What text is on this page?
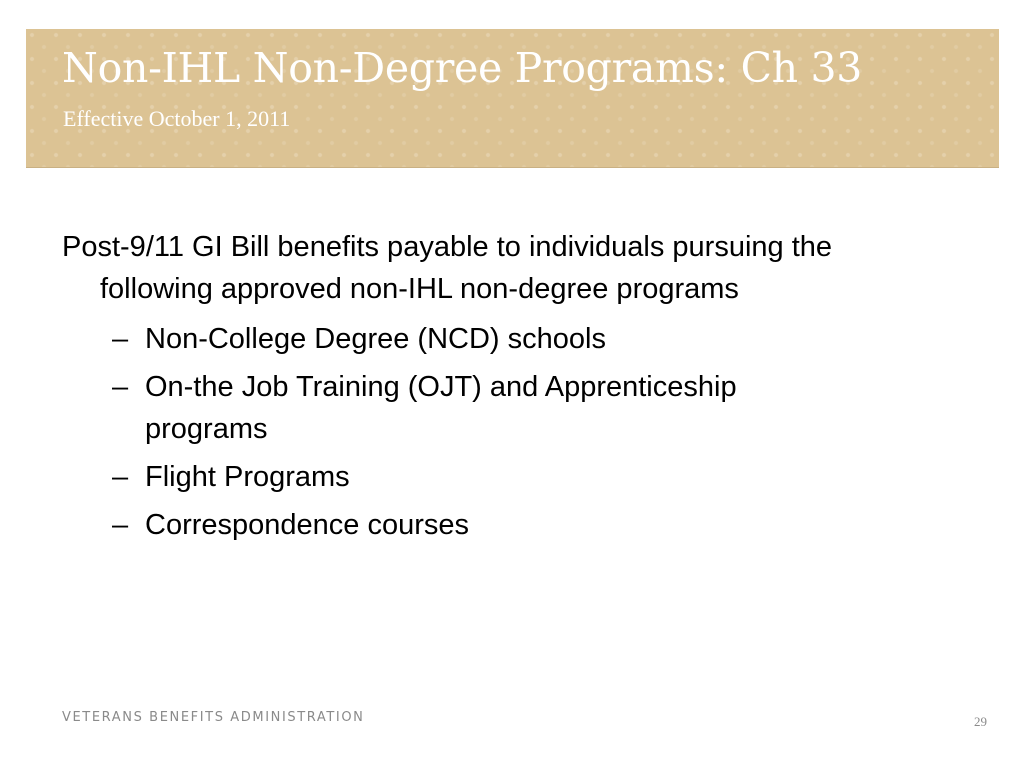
Non-IHL Non-Degree Programs: Ch 33
Effective October 1, 2011

Post-9/11 GI Bill benefits payable to individuals pursuing the following approved non-IHL non-degree programs

– Non-College Degree (NCD) schools
– On-the Job Training (OJT) and Apprenticeship programs
– Flight Programs
– Correspondence courses
VETERANS BENEFITS ADMINISTRATION	29
